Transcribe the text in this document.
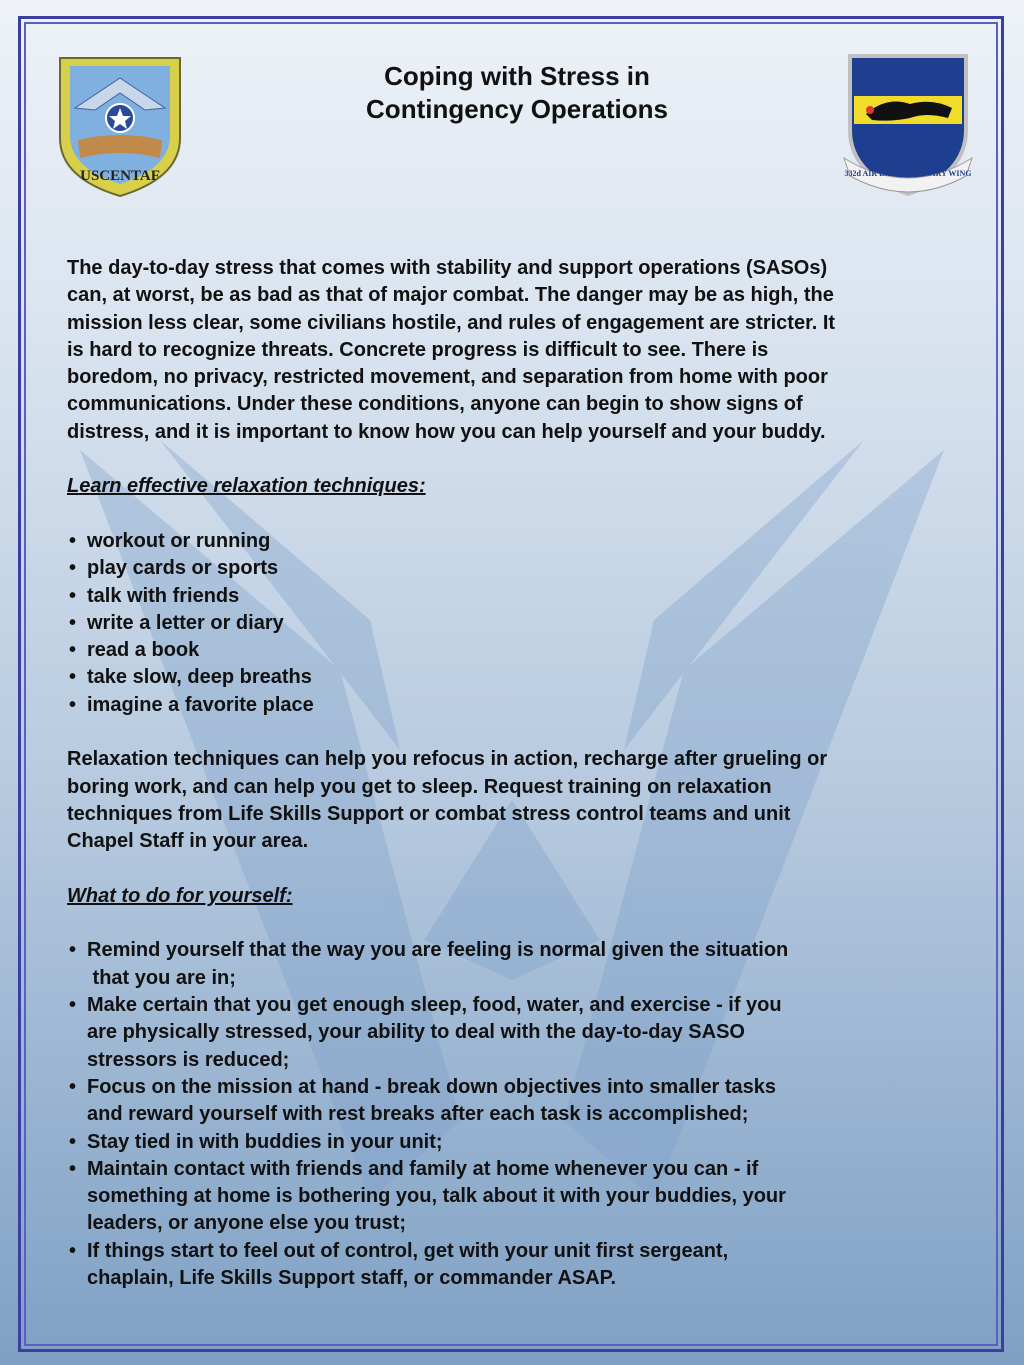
USCENTAF	332d AIR EXPEDITIONARY WING
Coping with Stress in
Contingency Operations

The day-to-day stress that comes with stability and support operations (SASOs)
can, at worst, be as bad as that of major combat. The danger may be as high, the
mission less clear, some civilians hostile, and rules of engagement are stricter. It
is hard to recognize threats. Concrete progress is difficult to see. There is
boredom, no privacy, restricted movement, and separation from home with poor
communications. Under these conditions, anyone can begin to show signs of
distress, and it is important to know how you can help yourself and your buddy.

Learn effective relaxation techniques:

• workout or running
• play cards or sports
• talk with friends
• write a letter or diary
• read a book
• take slow, deep breaths
• imagine a favorite place

Relaxation techniques can help you refocus in action, recharge after grueling or
boring work, and can help you get to sleep. Request training on relaxation
techniques from Life Skills Support or combat stress control teams and unit
Chapel Staff in your area.

What to do for yourself:

• Remind yourself that the way you are feeling is normal given the situation
that you are in;
• Make certain that you get enough sleep, food, water, and exercise - if you
are physically stressed, your ability to deal with the day-to-day SASO
stressors is reduced;
• Focus on the mission at hand - break down objectives into smaller tasks
and reward yourself with rest breaks after each task is accomplished;
• Stay tied in with buddies in your unit;
• Maintain contact with friends and family at home whenever you can - if
something at home is bothering you, talk about it with your buddies, your
leaders, or anyone else you trust;
• If things start to feel out of control, get with your unit first sergeant,
chaplain, Life Skills Support staff, or commander ASAP.
